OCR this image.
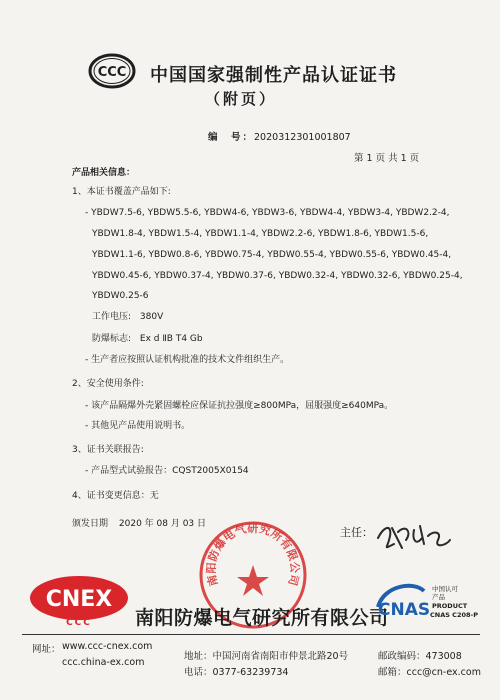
CCC 中国国家强制性产品认证证书
（附页）
编　号：2020312301001807
第 1 页 共 1 页
产品相关信息：
1、本证书覆盖产品如下:
- YBDW7.5-6, YBDW5.5-6, YBDW4-6, YBDW3-6, YBDW4-4, YBDW3-4, YBDW2.2-4,
YBDW1.8-4, YBDW1.5-4, YBDW1.1-4, YBDW2.2-6, YBDW1.8-6, YBDW1.5-6,
YBDW1.1-6, YBDW0.8-6, YBDW0.75-4, YBDW0.55-4, YBDW0.55-6, YBDW0.45-4,
YBDW0.45-6, YBDW0.37-4, YBDW0.37-6, YBDW0.32-4, YBDW0.32-6, YBDW0.25-4,
YBDW0.25-6
工作电压: 380V
防爆标志: Ex d ⅡB T4 Gb
- 生产者应按照认证机构批准的技术文件组织生产。
2、安全使用条件:
- 该产品隔爆外壳紧固螺栓应保证抗拉强度≥800MPa，屈服强度≥640MPa。
- 其他见产品使用说明书。
3、证书关联报告:
- 产品型式试验报告：CQST2005X0154
4、证书变更信息：无
颁发日期 2020 年 08 月 03 日
主任：
南阳防爆电气研究所有限公司
CNEX
CCC 南阳防爆电气研究所有限公司
CNAS
中国认可
产品
PRODUCT
CNAS C208-P
网址： www.ccc-cnex.com
ccc.china-ex.com
地址：中国河南省南阳市仲景北路20号
电话：0377-63239734
邮政编码：473008
邮箱：ccc@cn-ex.com
